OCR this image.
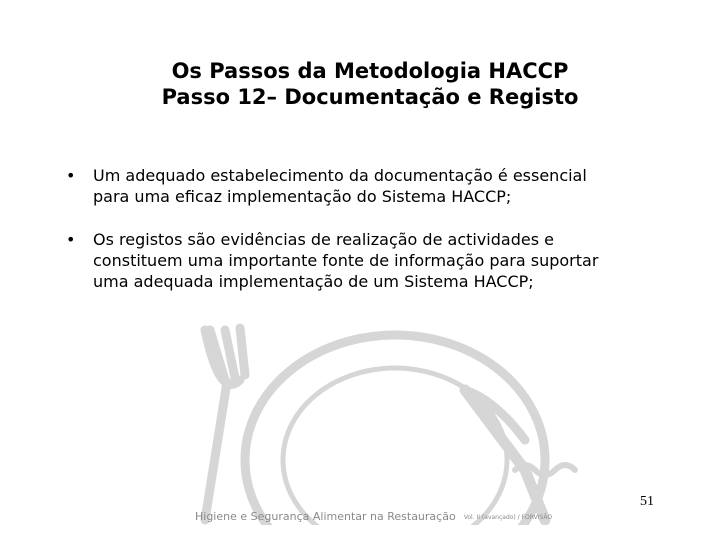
Os Passos da Metodologia HACCP
Passo 12– Documentação e Registo
• Um adequado estabelecimento da documentação é essencial
para uma eficaz implementação do Sistema HACCP;
• Os registos são evidências de realização de actividades e
constituem uma importante fonte de informação para suportar
uma adequada implementação de um Sistema HACCP;
Higiene e Segurança Alimentar na Restauração Vol. II (avançado) / FORVISÃO
51
